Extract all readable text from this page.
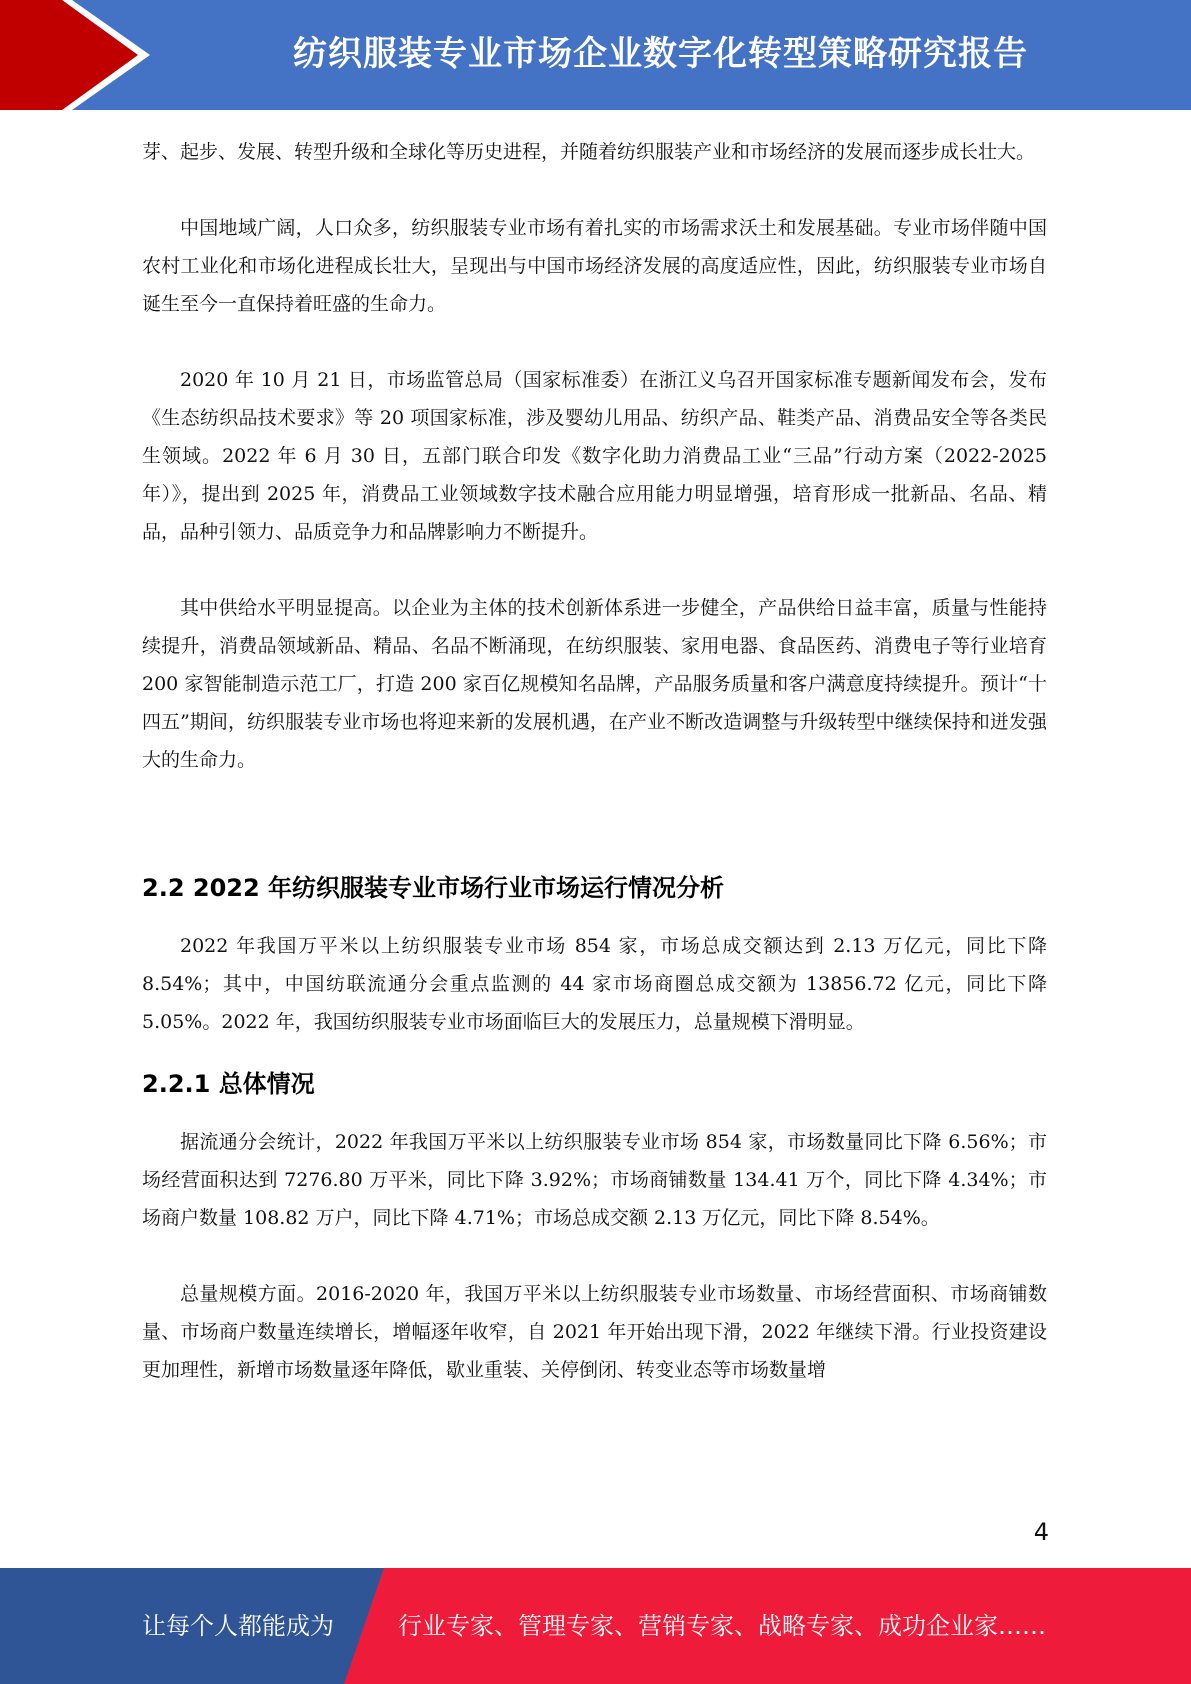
纺织服装专业市场企业数字化转型策略研究报告

芽、起步、发展、转型升级和全球化等历史进程，并随着纺织服装产业和市场经济的发展而逐步成长壮大。

中国地域广阔，人口众多，纺织服装专业市场有着扎实的市场需求沃土和发展基础。专业市场伴随中国农村工业化和市场化进程成长壮大，呈现出与中国市场经济发展的高度适应性，因此，纺织服装专业市场自诞生至今一直保持着旺盛的生命力。

2020 年 10 月 21 日，市场监管总局（国家标准委）在浙江义乌召开国家标准专题新闻发布会，发布《生态纺织品技术要求》等 20 项国家标准，涉及婴幼儿用品、纺织产品、鞋类产品、消费品安全等各类民生领域。2022 年 6 月 30 日，五部门联合印发《数字化助力消费品工业“三品”行动方案（2022-2025 年）》，提出到 2025 年，消费品工业领域数字技术融合应用能力明显增强，培育形成一批新品、名品、精品，品种引领力、品质竞争力和品牌影响力不断提升。

其中供给水平明显提高。以企业为主体的技术创新体系进一步健全，产品供给日益丰富，质量与性能持续提升，消费品领域新品、精品、名品不断涌现，在纺织服装、家用电器、食品医药、消费电子等行业培育 200 家智能制造示范工厂，打造 200 家百亿规模知名品牌，产品服务质量和客户满意度持续提升。预计“十四五”期间，纺织服装专业市场也将迎来新的发展机遇，在产业不断改造调整与升级转型中继续保持和迸发强大的生命力。

2.2 2022 年纺织服装专业市场行业市场运行情况分析

2022 年我国万平米以上纺织服装专业市场 854 家，市场总成交额达到 2.13 万亿元，同比下降 8.54%；其中，中国纺联流通分会重点监测的 44 家市场商圈总成交额为 13856.72 亿元，同比下降 5.05%。2022 年，我国纺织服装专业市场面临巨大的发展压力，总量规模下滑明显。

2.2.1 总体情况

据流通分会统计，2022 年我国万平米以上纺织服装专业市场 854 家，市场数量同比下降 6.56%；市场经营面积达到 7276.80 万平米，同比下降 3.92%；市场商铺数量 134.41 万个，同比下降 4.34%；市场商户数量 108.82 万户，同比下降 4.71%；市场总成交额 2.13 万亿元，同比下降 8.54%。

总量规模方面。2016-2020 年，我国万平米以上纺织服装专业市场数量、市场经营面积、市场商铺数量、市场商户数量连续增长，增幅逐年收窄，自 2021 年开始出现下滑，2022 年继续下滑。行业投资建设更加理性，新增市场数量逐年降低，歇业重装、关停倒闭、转变业态等市场数量增

4
让每个人都能成为	行业专家、管理专家、营销专家、战略专家、成功企业家……
